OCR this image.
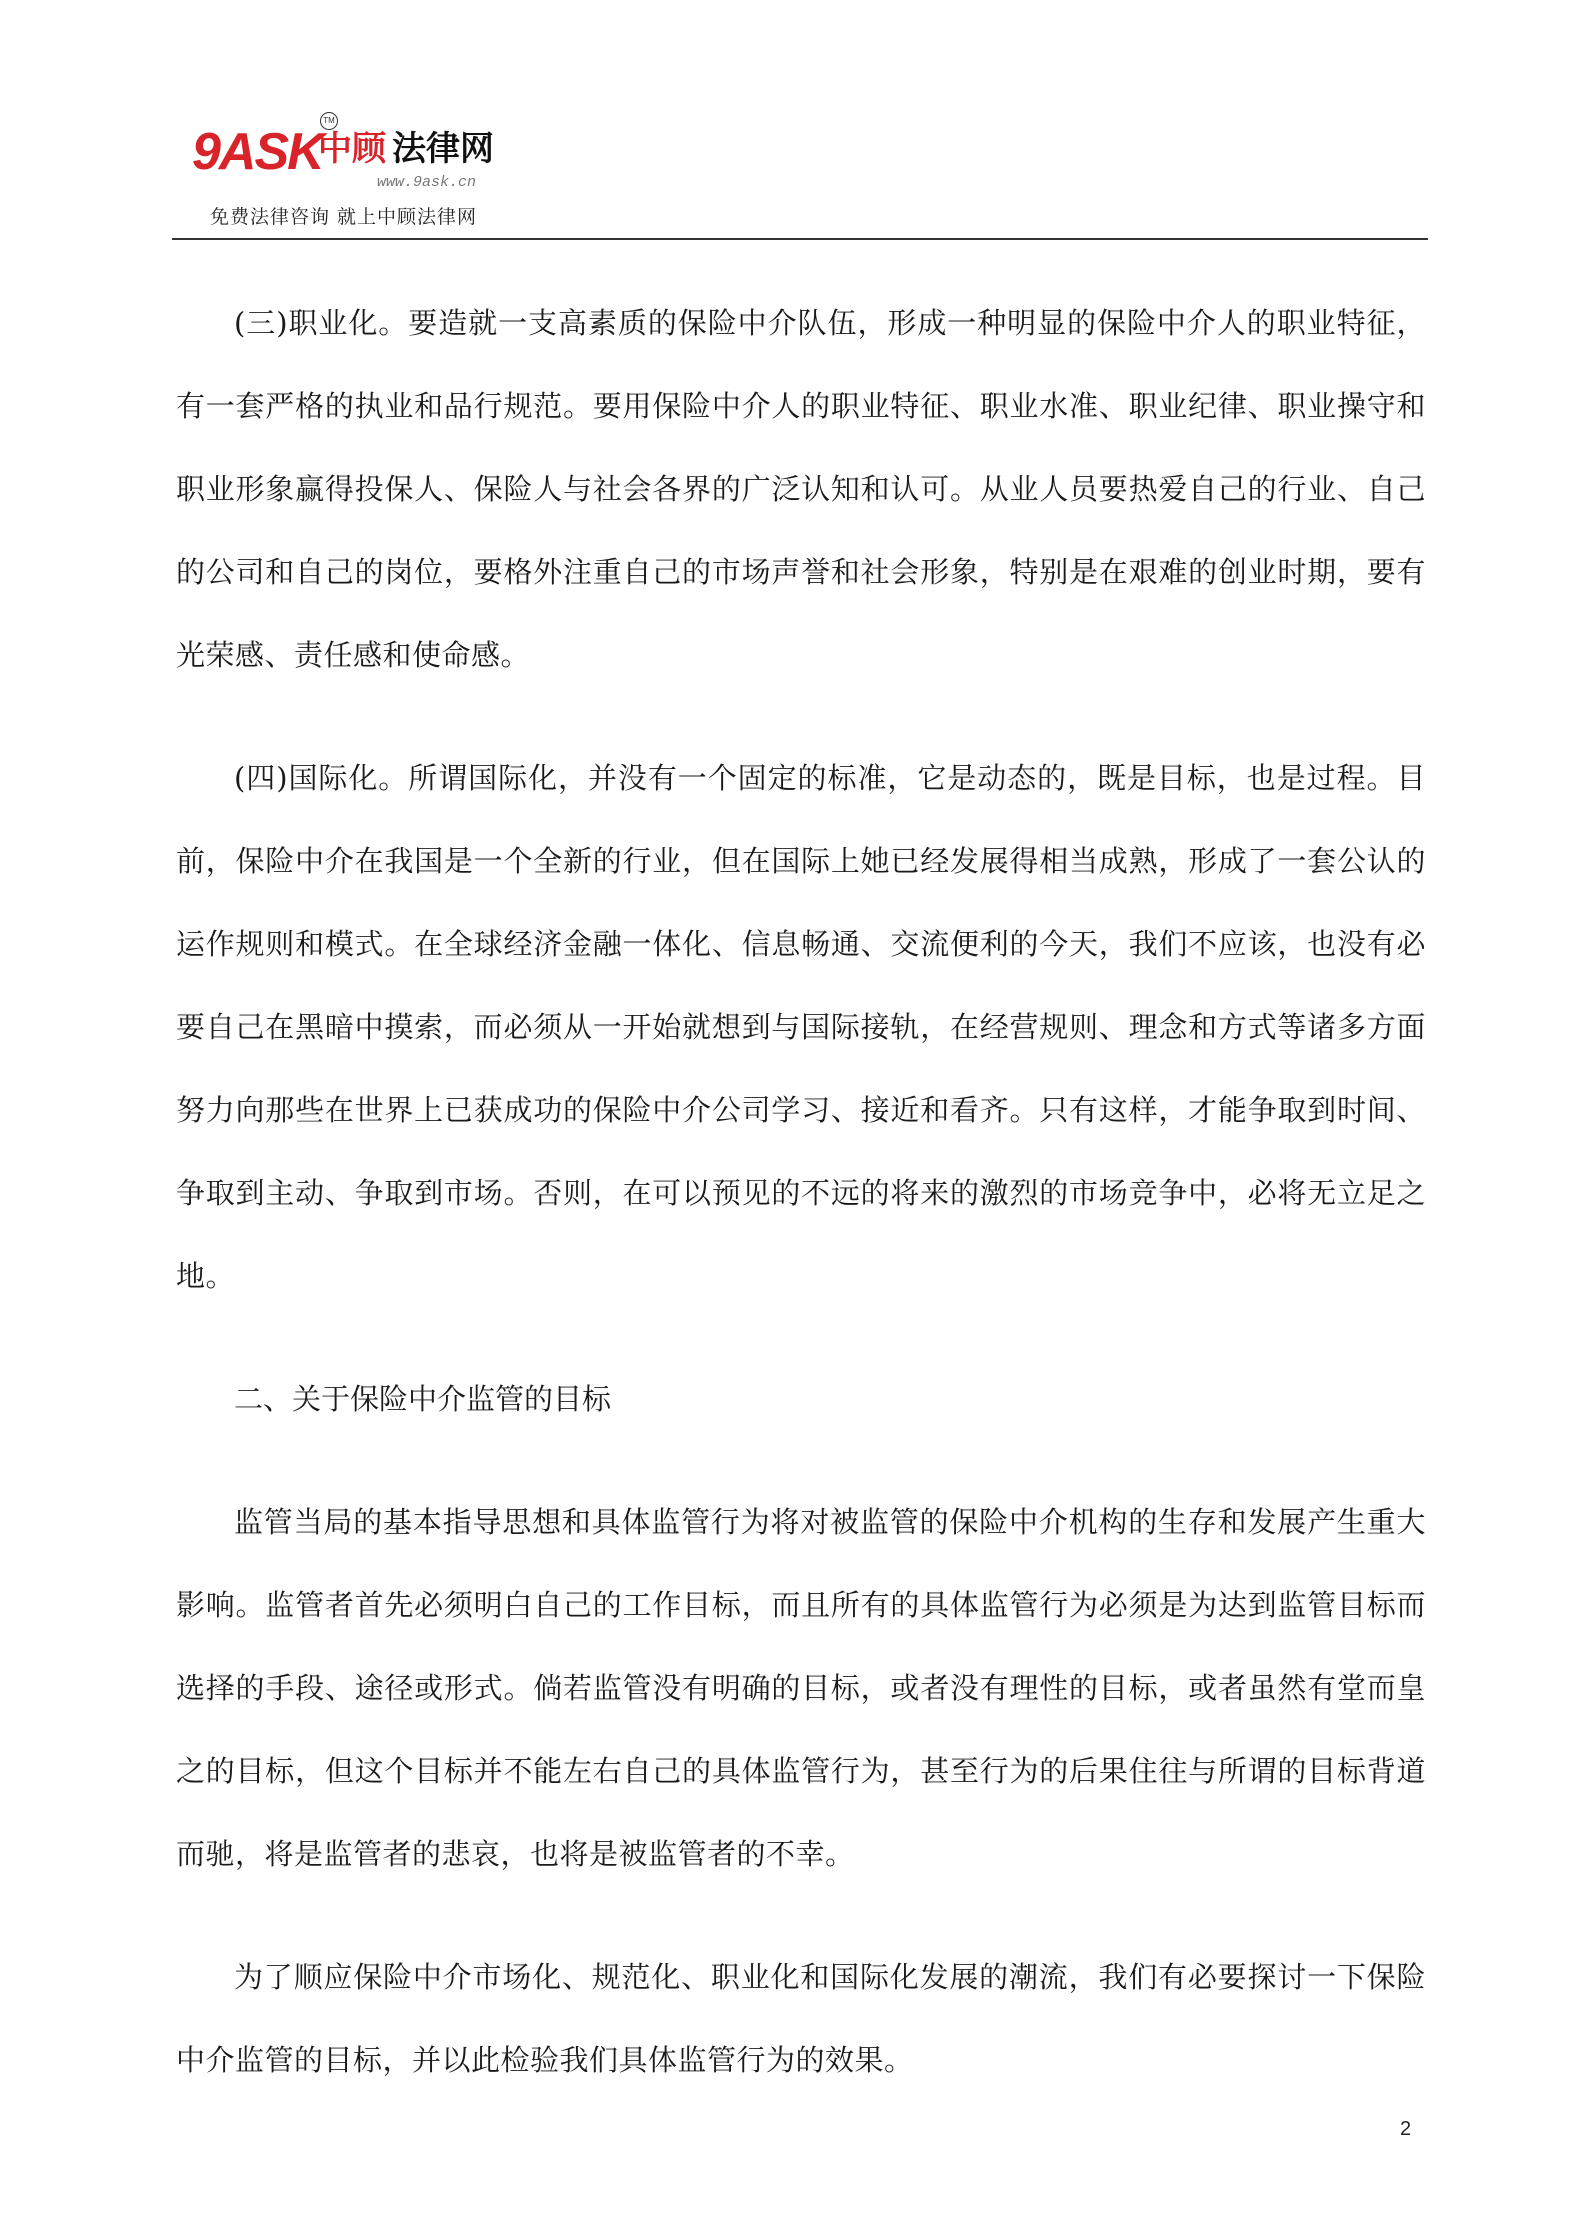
9ASK
中顾 法律网
TM
www.9ask.cn
免费法律咨询 就上中顾法律网

(三)职业化。要造就一支高素质的保险中介队伍，形成一种明显的保险中介人的职业特征，有一套严格的执业和品行规范。要用保险中介人的职业特征、职业水准、职业纪律、职业操守和职业形象赢得投保人、保险人与社会各界的广泛认知和认可。从业人员要热爱自己的行业、自己的公司和自己的岗位，要格外注重自己的市场声誉和社会形象，特别是在艰难的创业时期，要有光荣感、责任感和使命感。

(四)国际化。所谓国际化，并没有一个固定的标准，它是动态的，既是目标，也是过程。目前，保险中介在我国是一个全新的行业，但在国际上她已经发展得相当成熟，形成了一套公认的运作规则和模式。在全球经济金融一体化、信息畅通、交流便利的今天，我们不应该，也没有必要自己在黑暗中摸索，而必须从一开始就想到与国际接轨，在经营规则、理念和方式等诸多方面努力向那些在世界上已获成功的保险中介公司学习、接近和看齐。只有这样，才能争取到时间、争取到主动、争取到市场。否则，在可以预见的不远的将来的激烈的市场竞争中，必将无立足之地。

二、关于保险中介监管的目标

监管当局的基本指导思想和具体监管行为将对被监管的保险中介机构的生存和发展产生重大影响。监管者首先必须明白自己的工作目标，而且所有的具体监管行为必须是为达到监管目标而选择的手段、途径或形式。倘若监管没有明确的目标，或者没有理性的目标，或者虽然有堂而皇之的目标，但这个目标并不能左右自己的具体监管行为，甚至行为的后果住往与所谓的目标背道而驰，将是监管者的悲哀，也将是被监管者的不幸。

为了顺应保险中介市场化、规范化、职业化和国际化发展的潮流，我们有必要探讨一下保险中介监管的目标，并以此检验我们具体监管行为的效果。

2
